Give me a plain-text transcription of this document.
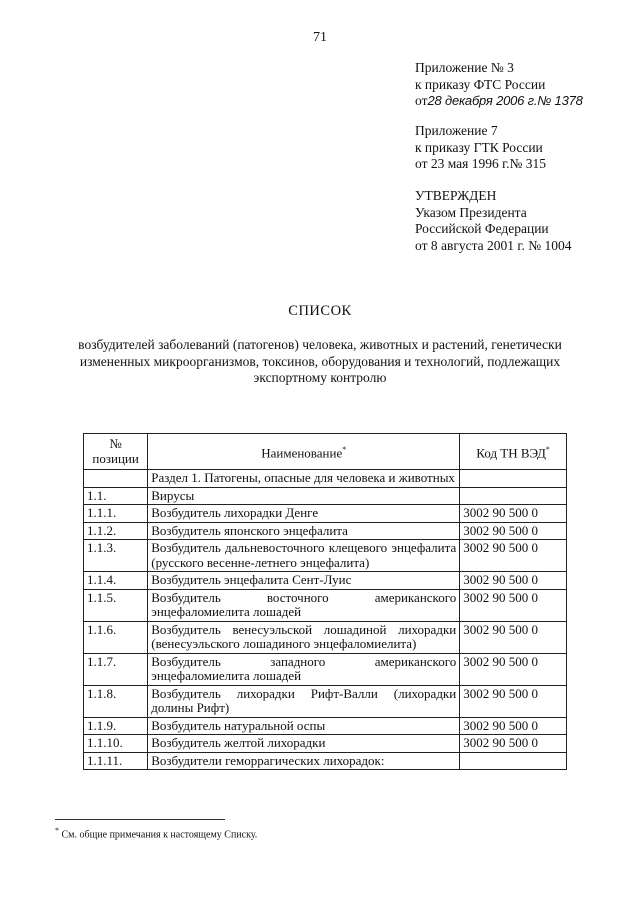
71
Приложение № 3
к приказу ФТС России
от28 декабря 2006 г.№ 1378
Приложение 7
к приказу ГТК России
от 23 мая 1996 г.№ 315
УТВЕРЖДЕН
Указом Президента
Российской Федерации
от 8 августа 2001 г. № 1004
СПИСОК
возбудителей заболеваний (патогенов) человека, животных и растений, генетически измененных микроорганизмов, токсинов, оборудования и технологий, подлежащих экспортному контролю
№ позиции	Наименование*	Код ТН ВЭД*
	Раздел 1. Патогены, опасные для человека и животных	
1.1.	Вирусы	
1.1.1.	Возбудитель лихорадки Денге	3002 90 500 0
1.1.2.	Возбудитель японского энцефалита	3002 90 500 0
1.1.3.	Возбудитель дальневосточного клещевого энцефалита (русского весенне-летнего энцефалита)	3002 90 500 0
1.1.4.	Возбудитель энцефалита Сент-Луис	3002 90 500 0
1.1.5.	Возбудитель восточного американского энцефаломиелита лошадей	3002 90 500 0
1.1.6.	Возбудитель венесуэльской лошадиной лихорадки (венесуэльского лошадиного энцефаломиелита)	3002 90 500 0
1.1.7.	Возбудитель западного американского энцефаломиелита лошадей	3002 90 500 0
1.1.8.	Возбудитель лихорадки Рифт-Валли (лихорадки долины Рифт)	3002 90 500 0
1.1.9.	Возбудитель натуральной оспы	3002 90 500 0
1.1.10.	Возбудитель желтой лихорадки	3002 90 500 0
1.1.11.	Возбудители геморрагических лихорадок:	
* См. общие примечания к настоящему Списку.
